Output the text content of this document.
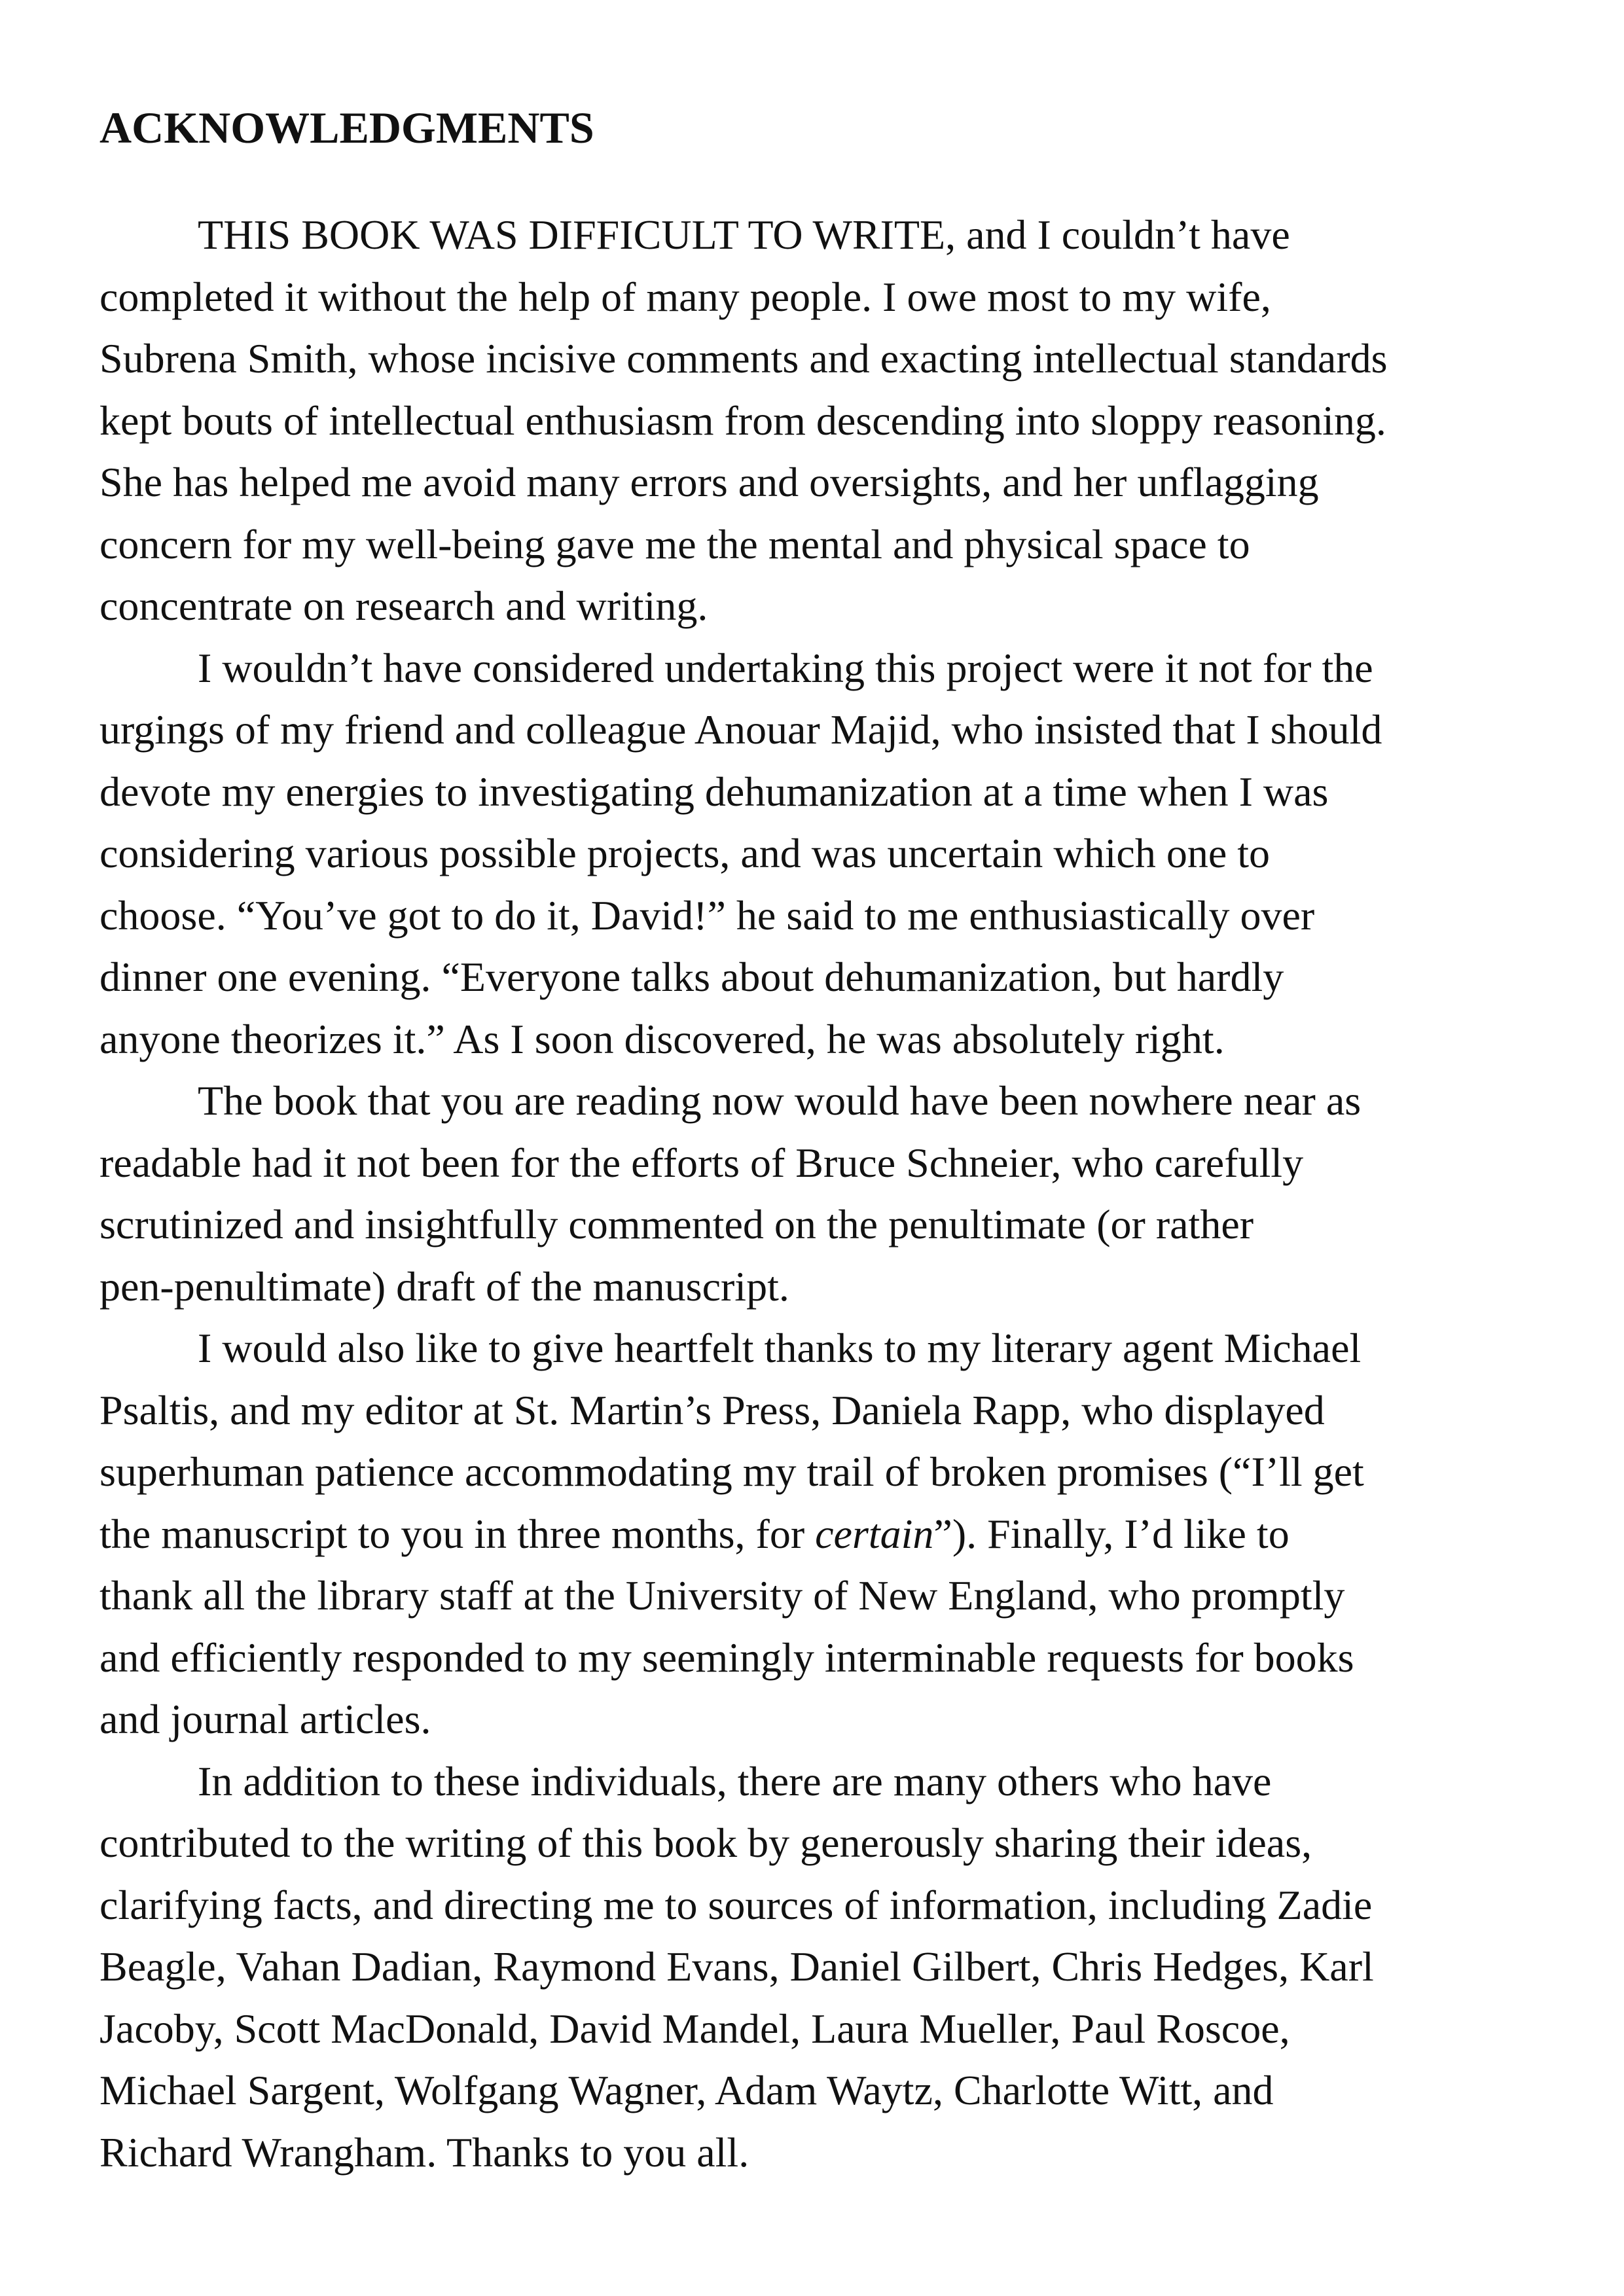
ACKNOWLEDGMENTS

THIS BOOK WAS DIFFICULT TO WRITE, and I couldn’t have
completed it without the help of many people. I owe most to my wife,
Subrena Smith, whose incisive comments and exacting intellectual standards
kept bouts of intellectual enthusiasm from descending into sloppy reasoning.
She has helped me avoid many errors and oversights, and her unflagging
concern for my well-being gave me the mental and physical space to
concentrate on research and writing.

I wouldn’t have considered undertaking this project were it not for the
urgings of my friend and colleague Anouar Majid, who insisted that I should
devote my energies to investigating dehumanization at a time when I was
considering various possible projects, and was uncertain which one to
choose. “You’ve got to do it, David!” he said to me enthusiastically over
dinner one evening. “Everyone talks about dehumanization, but hardly
anyone theorizes it.” As I soon discovered, he was absolutely right.

The book that you are reading now would have been nowhere near as
readable had it not been for the efforts of Bruce Schneier, who carefully
scrutinized and insightfully commented on the penultimate (or rather
pen-penultimate) draft of the manuscript.

I would also like to give heartfelt thanks to my literary agent Michael
Psaltis, and my editor at St. Martin’s Press, Daniela Rapp, who displayed
superhuman patience accommodating my trail of broken promises (“I’ll get
the manuscript to you in three months, for certain”). Finally, I’d like to
thank all the library staff at the University of New England, who promptly
and efficiently responded to my seemingly interminable requests for books
and journal articles.

In addition to these individuals, there are many others who have
contributed to the writing of this book by generously sharing their ideas,
clarifying facts, and directing me to sources of information, including Zadie
Beagle, Vahan Dadian, Raymond Evans, Daniel Gilbert, Chris Hedges, Karl
Jacoby, Scott MacDonald, David Mandel, Laura Mueller, Paul Roscoe,
Michael Sargent, Wolfgang Wagner, Adam Waytz, Charlotte Witt, and
Richard Wrangham. Thanks to you all.
